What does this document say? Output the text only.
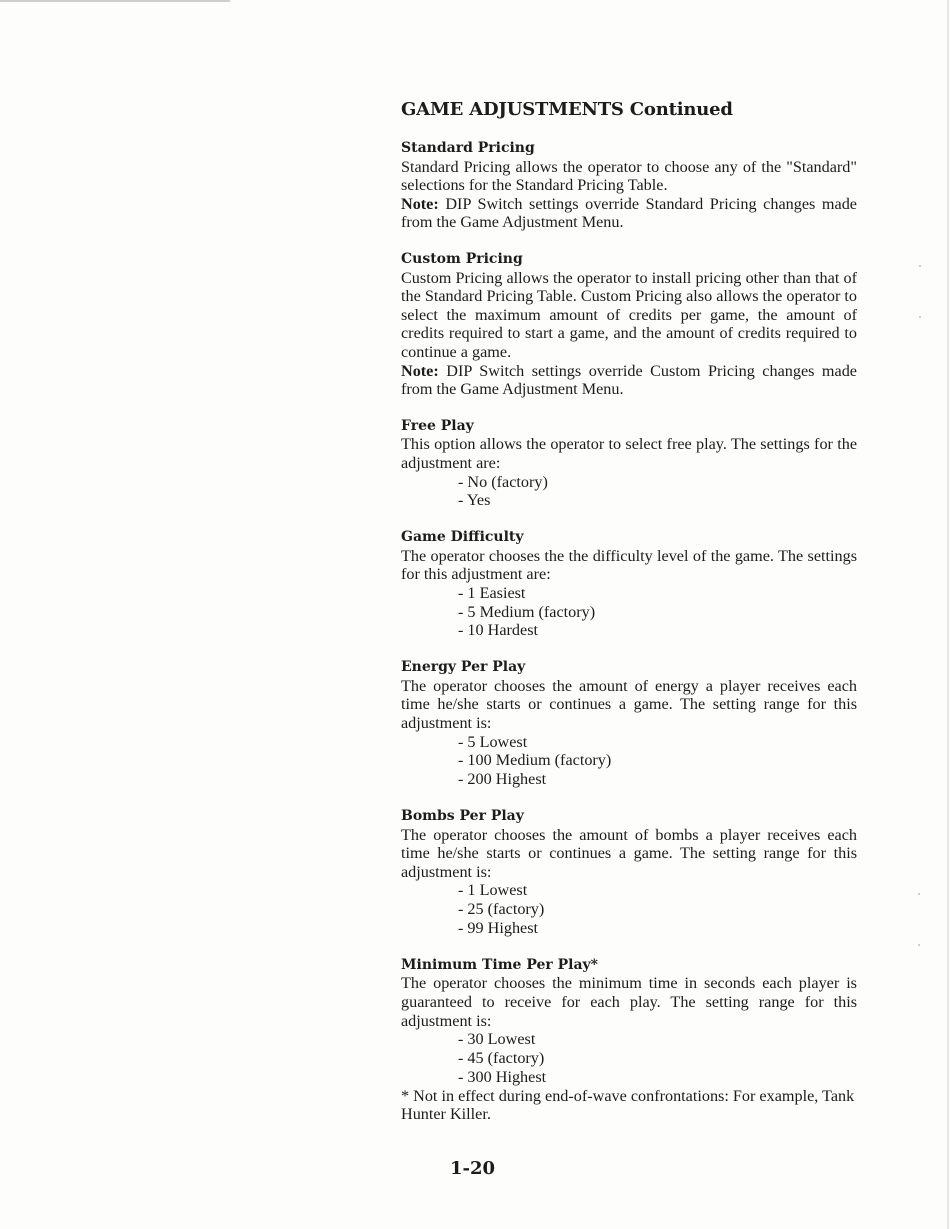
GAME ADJUSTMENTS Continued

Standard Pricing

Standard Pricing allows the operator to choose any of the "Standard" selections for the Standard Pricing Table.

Note: DIP Switch settings override Standard Pricing changes made from the Game Adjustment Menu.

Custom Pricing

Custom Pricing allows the operator to install pricing other than that of the Standard Pricing Table. Custom Pricing also allows the operator to select the maximum amount of credits per game, the amount of credits required to start a game, and the amount of credits required to continue a game.

Note: DIP Switch settings override Custom Pricing changes made from the Game Adjustment Menu.

Free Play

This option allows the operator to select free play. The settings for the adjustment are:

- No (factory)

- Yes

Game Difficulty

The operator chooses the the difficulty level of the game. The settings for this adjustment are:

- 1 Easiest

- 5 Medium (factory)

- 10 Hardest

Energy Per Play

The operator chooses the amount of energy a player receives each time he/she starts or continues a game. The setting range for this adjustment is:

- 5 Lowest

- 100 Medium (factory)

- 200 Highest

Bombs Per Play

The operator chooses the amount of bombs a player receives each time he/she starts or continues a game. The setting range for this adjustment is:

- 1 Lowest

- 25 (factory)

- 99 Highest

Minimum Time Per Play*

The operator chooses the minimum time in seconds each player is guaranteed to receive for each play. The setting range for this adjustment is:

- 30 Lowest

- 45 (factory)

- 300 Highest

* Not in effect during end-of-wave confrontations: For example, Tank Hunter Killer.

1-20
